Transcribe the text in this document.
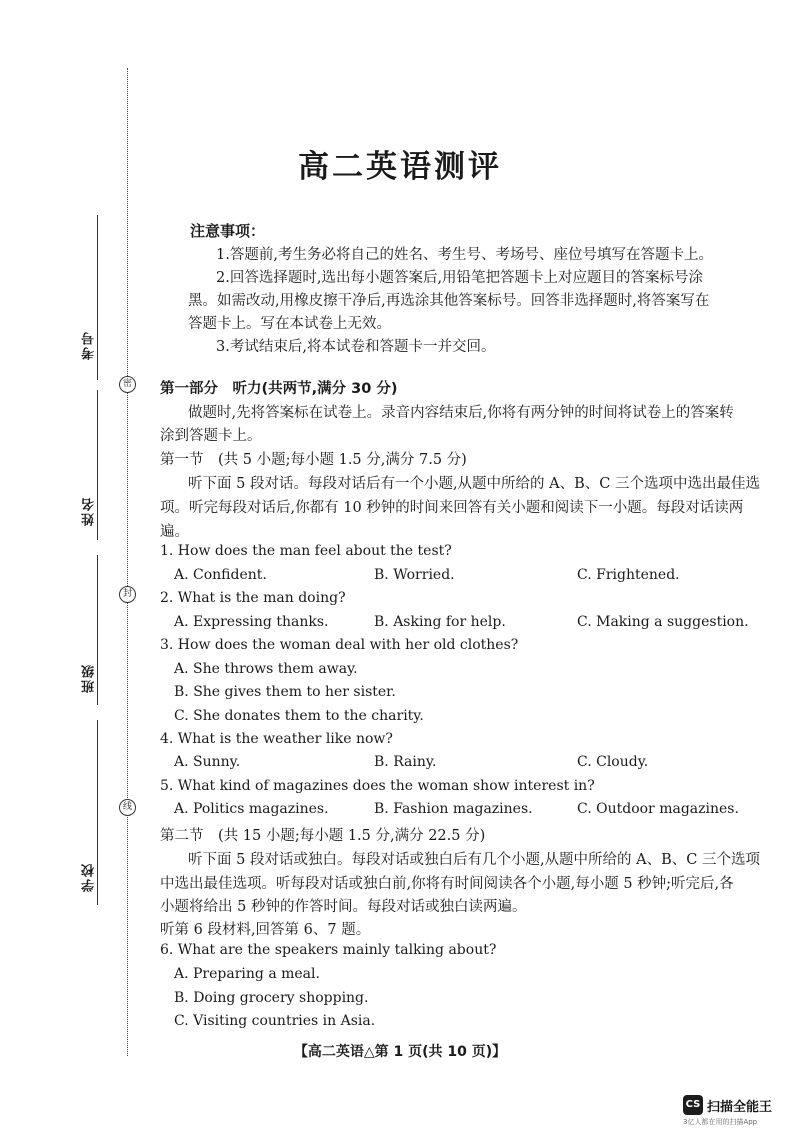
考号
姓名
班级
学校
密
封
线
高二英语测评
注意事项：
1.答题前,考生务必将自己的姓名、考生号、考场号、座位号填写在答题卡上。
2.回答选择题时,选出每小题答案后,用铅笔把答题卡上对应题目的答案标号涂
黑。如需改动,用橡皮擦干净后,再选涂其他答案标号。回答非选择题时,将答案写在
答题卡上。写在本试卷上无效。
3.考试结束后,将本试卷和答题卡一并交回。
第一部分　听力(共两节,满分 30 分)
做题时,先将答案标在试卷上。录音内容结束后,你将有两分钟的时间将试卷上的答案转
涂到答题卡上。
第一节　(共 5 小题;每小题 1.5 分,满分 7.5 分)
听下面 5 段对话。每段对话后有一个小题,从题中所给的 A、B、C 三个选项中选出最佳选
项。听完每段对话后,你都有 10 秒钟的时间来回答有关小题和阅读下一小题。每段对话读两
遍。
1. How does the man feel about the test?
A. Confident.	B. Worried.	C. Frightened.
2. What is the man doing?
A. Expressing thanks.	B. Asking for help.	C. Making a suggestion.
3. How does the woman deal with her old clothes?
A. She throws them away.
B. She gives them to her sister.
C. She donates them to the charity.
4. What is the weather like now?
A. Sunny.	B. Rainy.	C. Cloudy.
5. What kind of magazines does the woman show interest in?
A. Politics magazines.	B. Fashion magazines.	C. Outdoor magazines.
第二节　(共 15 小题;每小题 1.5 分,满分 22.5 分)
听下面 5 段对话或独白。每段对话或独白后有几个小题,从题中所给的 A、B、C 三个选项
中选出最佳选项。听每段对话或独白前,你将有时间阅读各个小题,每小题 5 秒钟;听完后,各
小题将给出 5 秒钟的作答时间。每段对话或独白读两遍。
听第 6 段材料,回答第 6、7 题。
6. What are the speakers mainly talking about?
A. Preparing a meal.
B. Doing grocery shopping.
C. Visiting countries in Asia.
【高二英语△第 1 页(共 10 页)】
CS 扫描全能王
3亿人都在用的扫描App
